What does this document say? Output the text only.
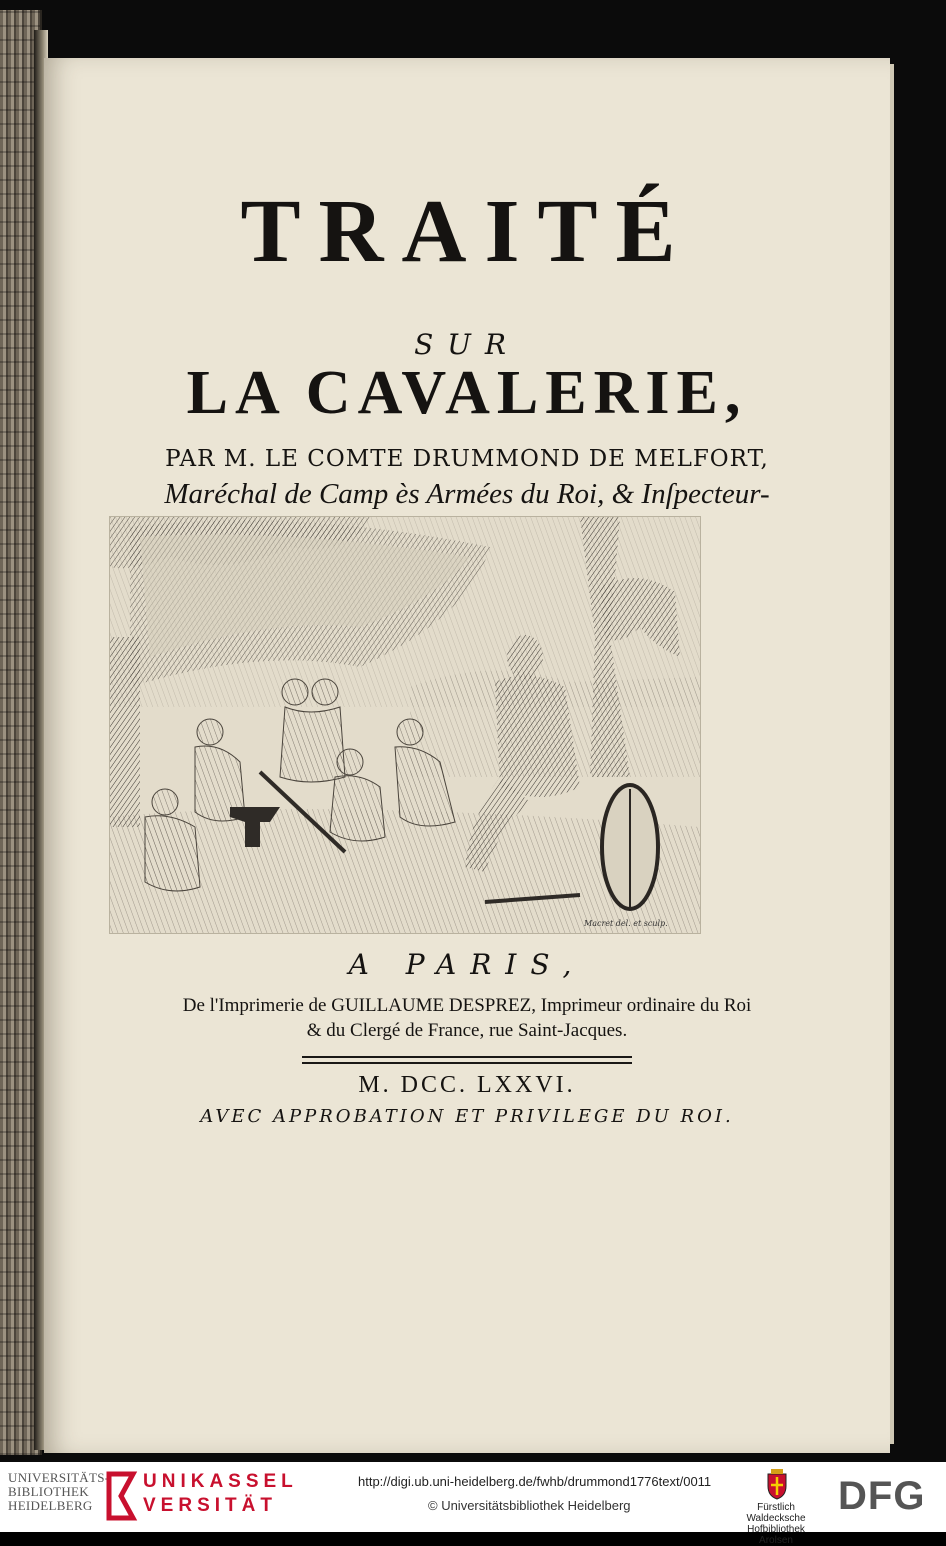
TRAITÉ
SUR
LA CAVALERIE,
PAR M. LE COMTE DRUMMOND DE MELFORT,
Maréchal de Camp ès Armées du Roi, & Inſpecteur-
Macret del. et sculp.
A PARIS,
De l'Imprimerie de GUILLAUME DESPREZ, Imprimeur ordinaire du Roi
& du Clergé de France, rue Saint-Jacques.
M. DCC. LXXVI.
AVEC APPROBATION ET PRIVILEGE DU ROI.
UNIVERSITÄTS-
BIBLIOTHEK
HEIDELBERG
UNIKASSEL
VERSITÄT
http://digi.ub.uni-heidelberg.de/fwhb/drummond1776text/0011
© Universitätsbibliothek Heidelberg	Fürstlich Waldecksche
Hofbibliothek Arolsen
DFG
